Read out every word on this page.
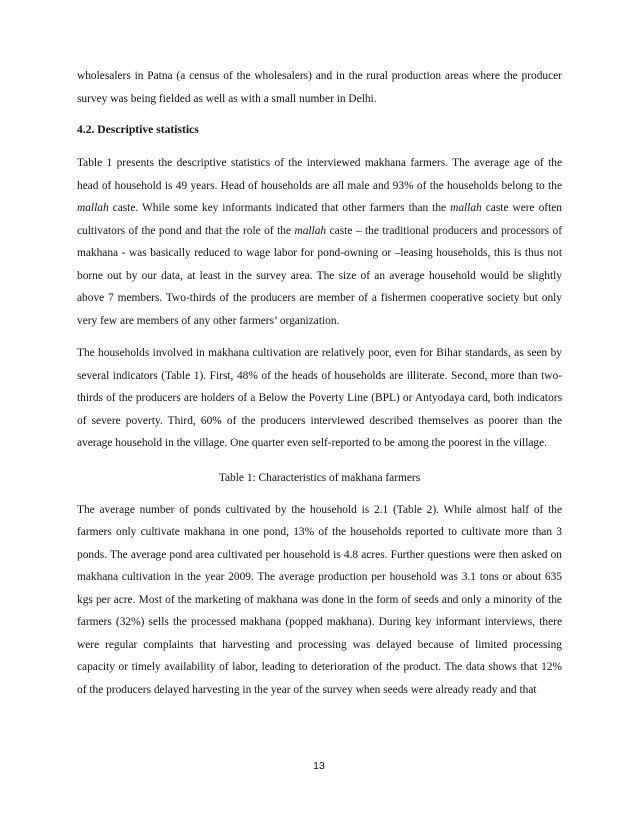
wholesalers in Patna (a census of the wholesalers) and in the rural production areas where the producer survey was being fielded as well as with a small number in Delhi.

4.2. Descriptive statistics

Table 1 presents the descriptive statistics of the interviewed makhana farmers. The average age of the head of household is 49 years. Head of households are all male and 93% of the households belong to the mallah caste. While some key informants indicated that other farmers than the mallah caste were often cultivators of the pond and that the role of the mallah caste – the traditional producers and processors of makhana - was basically reduced to wage labor for pond-owning or –leasing households, this is thus not borne out by our data, at least in the survey area. The size of an average household would be slightly above 7 members. Two-thirds of the producers are member of a fishermen cooperative society but only very few are members of any other farmers’ organization.

The households involved in makhana cultivation are relatively poor, even for Bihar standards, as seen by several indicators (Table 1). First, 48% of the heads of households are illiterate. Second, more than two-thirds of the producers are holders of a Below the Poverty Line (BPL) or Antyodaya card, both indicators of severe poverty. Third, 60% of the producers interviewed described themselves as poorer than the average household in the village. One quarter even self-reported to be among the poorest in the village.

Table 1: Characteristics of makhana farmers

The average number of ponds cultivated by the household is 2.1 (Table 2). While almost half of the farmers only cultivate makhana in one pond, 13% of the households reported to cultivate more than 3 ponds. The average pond area cultivated per household is 4.8 acres. Further questions were then asked on makhana cultivation in the year 2009. The average production per household was 3.1 tons or about 635 kgs per acre. Most of the marketing of makhana was done in the form of seeds and only a minority of the farmers (32%) sells the processed makhana (popped makhana). During key informant interviews, there were regular complaints that harvesting and processing was delayed because of limited processing capacity or timely availability of labor, leading to deterioration of the product. The data shows that 12% of the producers delayed harvesting in the year of the survey when seeds were already ready and that

13
